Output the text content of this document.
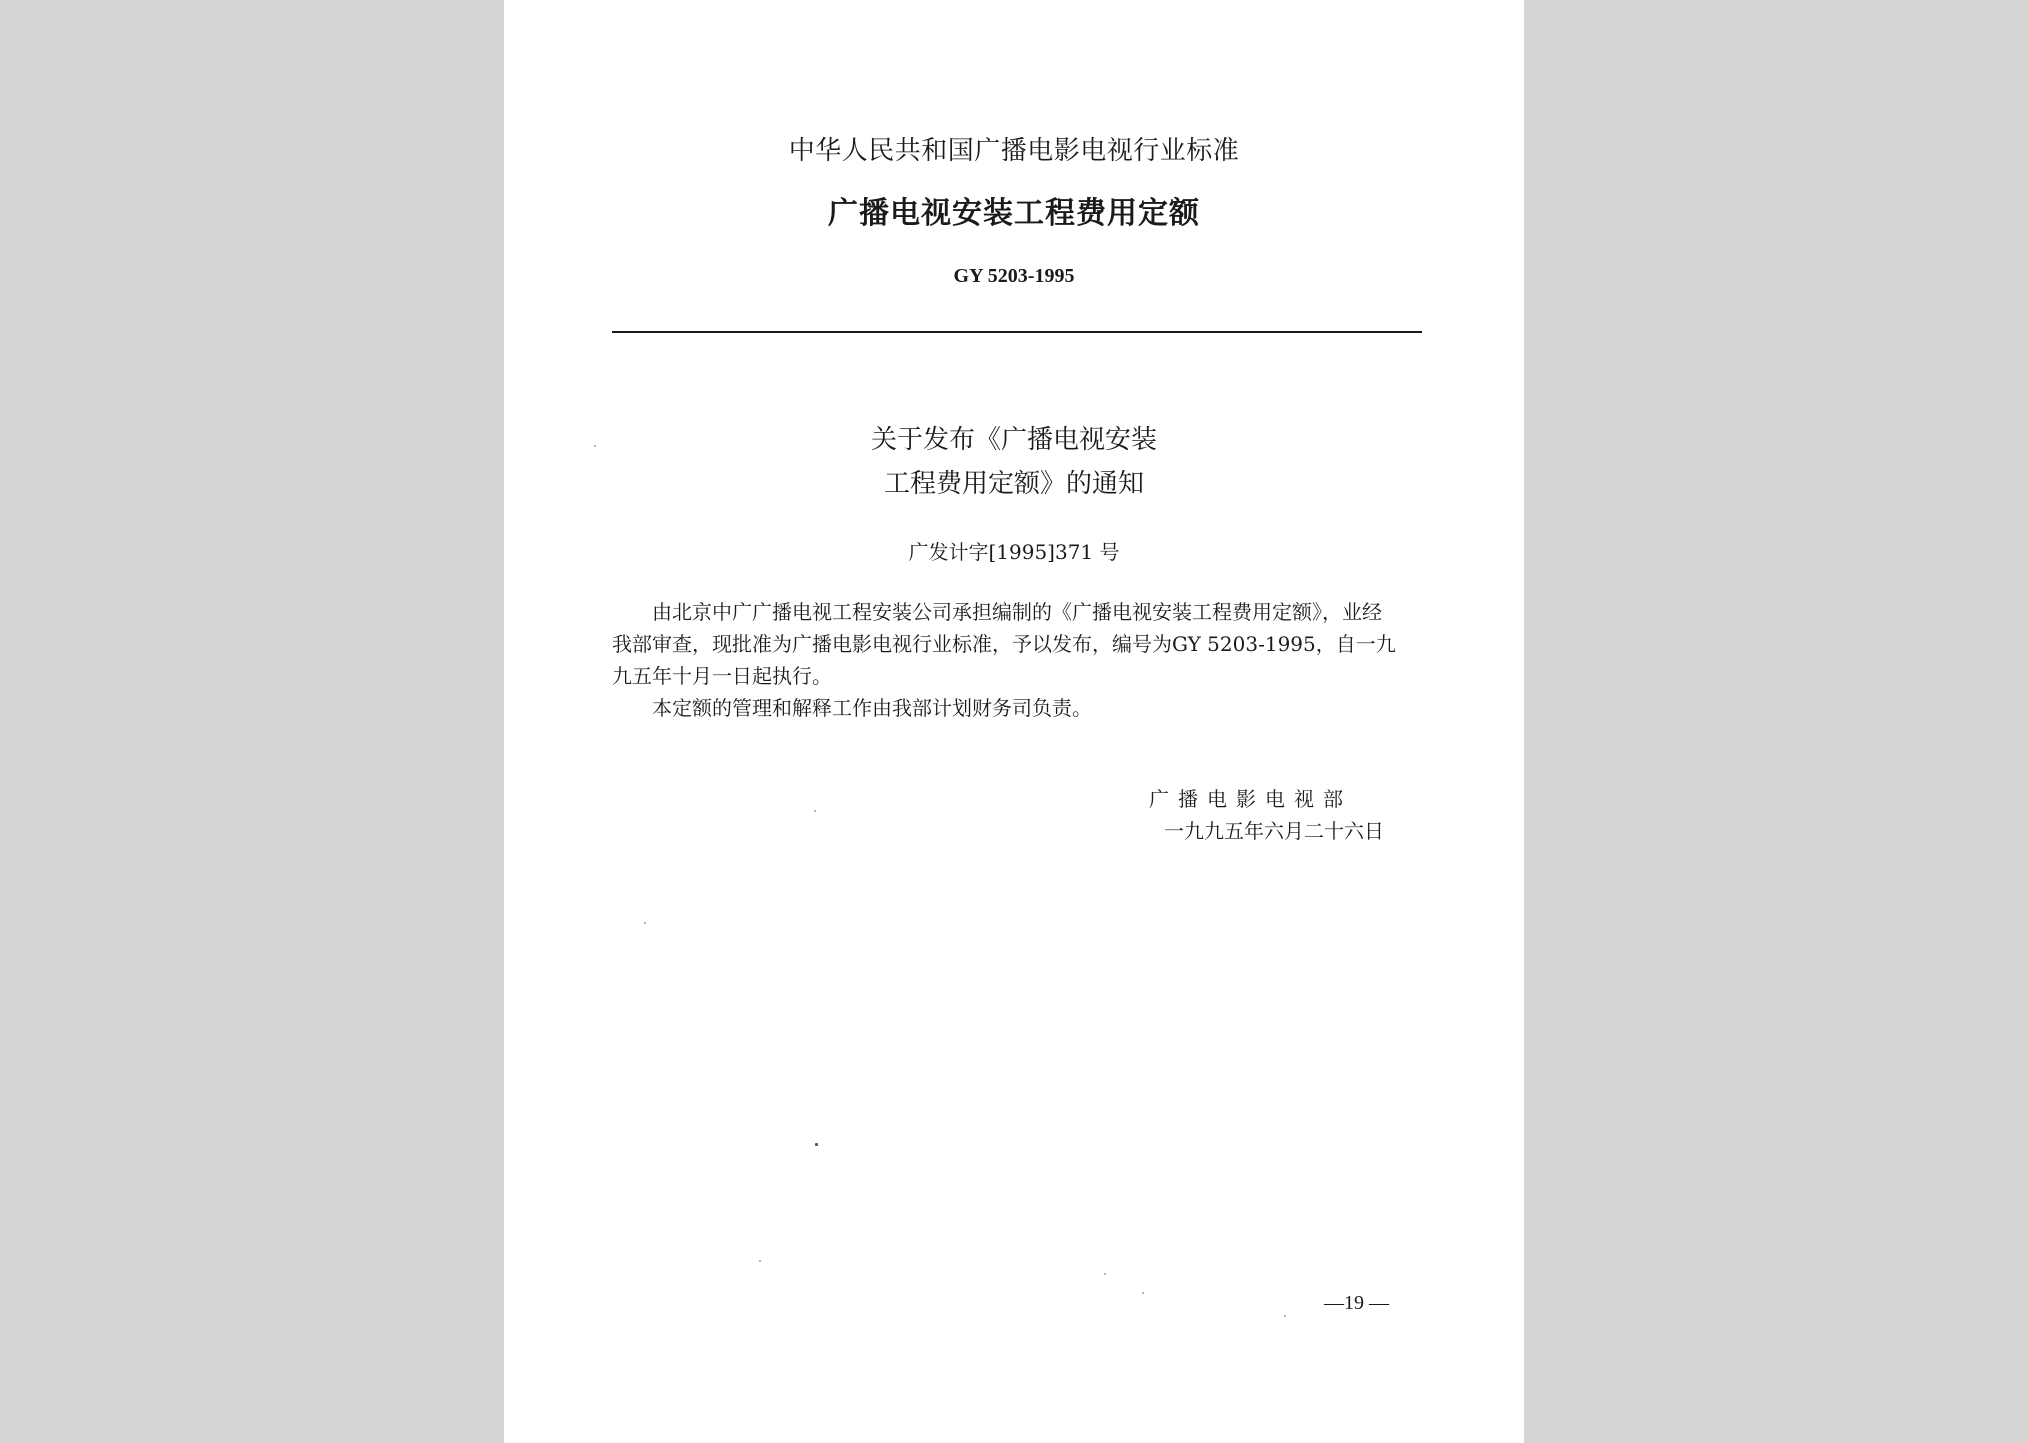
中华人民共和国广播电影电视行业标准
广播电视安装工程费用定额
GY 5203-1995
关于发布《广播电视安装
工程费用定额》的通知
广发计字[1995]371 号
由北京中广广播电视工程安装公司承担编制的《广播电视安装工程费用定额》，业经
我部审查，现批准为广播电影电视行业标准，予以发布，编号为GY 5203-1995，自一九
九五年十月一日起执行。
本定额的管理和解释工作由我部计划财务司负责。
广播电影电视部
一九九五年六月二十六日
—19 —
